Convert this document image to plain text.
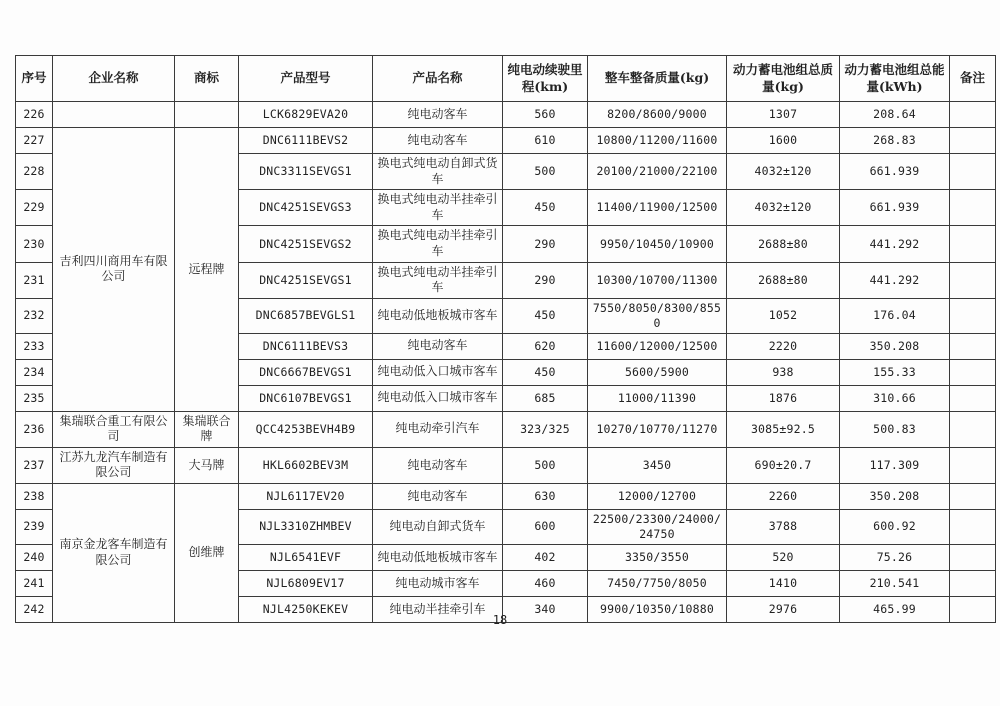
序号	企业名称	商标	产品型号	产品名称	纯电动续驶里程(km)	整车整备质量(kg)	动力蓄电池组总质量(kg)	动力蓄电池组总能量(kWh)	备注
226			LCK6829EVA20	纯电动客车	560	8200/8600/9000	1307	208.64	
227	吉利四川商用车有限公司	远程牌	DNC6111BEVS2	纯电动客车	610	10800/11200/11600	1600	268.83	
228			DNC3311SEVGS1	换电式纯电动自卸式货车	500	20100/21000/22100	4032±120	661.939	
229			DNC4251SEVGS3	换电式纯电动半挂牵引车	450	11400/11900/12500	4032±120	661.939	
230			DNC4251SEVGS2	换电式纯电动半挂牵引车	290	9950/10450/10900	2688±80	441.292	
231			DNC4251SEVGS1	换电式纯电动半挂牵引车	290	10300/10700/11300	2688±80	441.292	
232			DNC6857BEVGLS1	纯电动低地板城市客车	450	7550/8050/8300/8550	1052	176.04	
233			DNC6111BEVS3	纯电动客车	620	11600/12000/12500	2220	350.208	
234			DNC6667BEVGS1	纯电动低入口城市客车	450	5600/5900	938	155.33	
235			DNC6107BEVGS1	纯电动低入口城市客车	685	11000/11390	1876	310.66	
236	集瑞联合重工有限公司	集瑞联合牌	QCC4253BEVH4B9	纯电动牵引汽车	323/325	10270/10770/11270	3085±92.5	500.83	
237	江苏九龙汽车制造有限公司	大马牌	HKL6602BEV3M	纯电动客车	500	3450	690±20.7	117.309	
238	南京金龙客车制造有限公司	创维牌	NJL6117EV20	纯电动客车	630	12000/12700	2260	350.208	
239			NJL3310ZHMBEV	纯电动自卸式货车	600	22500/23300/24000/24750	3788	600.92	
240			NJL6541EVF	纯电动低地板城市客车	402	3350/3550	520	75.26	
241			NJL6809EV17	纯电动城市客车	460	7450/7750/8050	1410	210.541	
242			NJL4250KEKEV	纯电动半挂牵引车	340	9900/10350/10880	2976	465.99	
18
